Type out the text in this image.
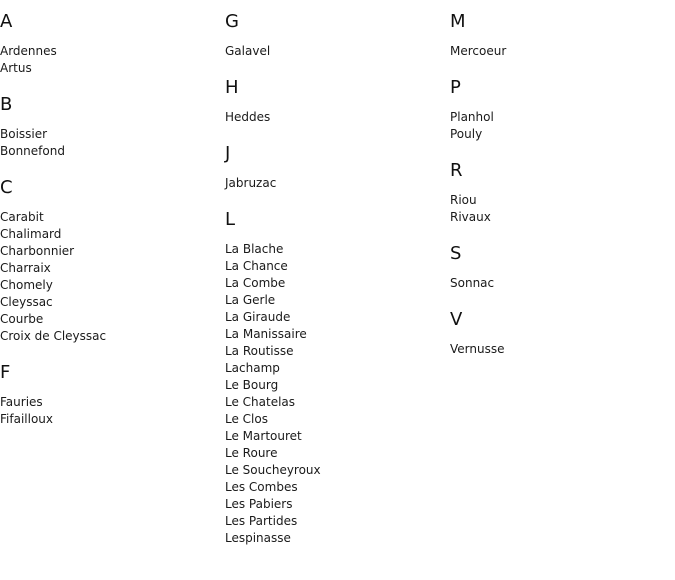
A
Ardennes
Artus
B
Boissier
Bonnefond
C
Carabit
Chalimard
Charbonnier
Charraix
Chomely
Cleyssac
Courbe
Croix de Cleyssac
F
Fauries
Fifailloux
G
Galavel
H
Heddes
J
Jabruzac
L
La Blache
La Chance
La Combe
La Gerle
La Giraude
La Manissaire
La Routisse
Lachamp
Le Bourg
Le Chatelas
Le Clos
Le Martouret
Le Roure
Le Soucheyroux
Les Combes
Les Pabiers
Les Partides
Lespinasse
M
Mercoeur
P
Planhol
Pouly
R
Riou
Rivaux
S
Sonnac
V
Vernusse
